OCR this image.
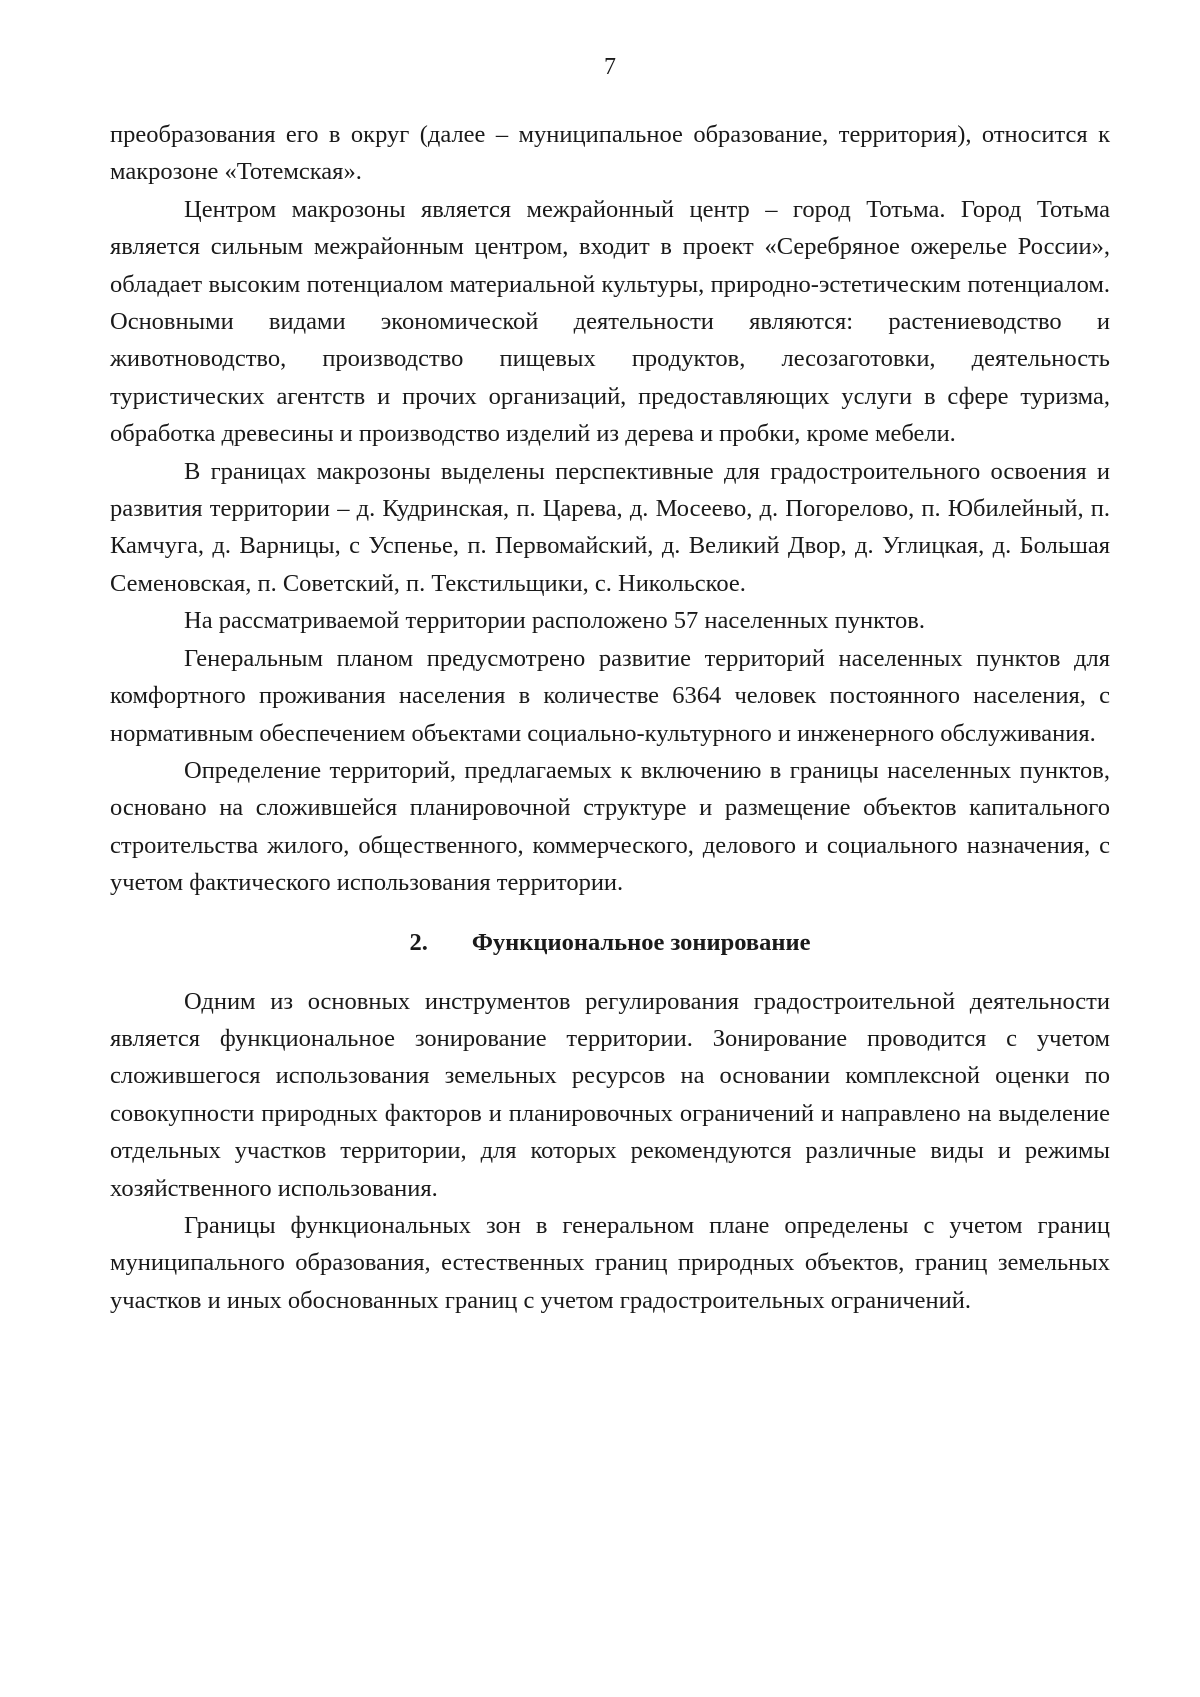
7

преобразования его в округ (далее – муниципальное образование, территория), относится к макрозоне «Тотемская».

Центром макрозоны является межрайонный центр – город Тотьма. Город Тотьма является сильным межрайонным центром, входит в проект «Серебряное ожерелье России», обладает высоким потенциалом материальной культуры, природно-эстетическим потенциалом. Основными видами экономической деятельности являются: растениеводство и животноводство, производство пищевых продуктов, лесозаготовки, деятельность туристических агентств и прочих организаций, предоставляющих услуги в сфере туризма, обработка древесины и производство изделий из дерева и пробки, кроме мебели.

В границах макрозоны выделены перспективные для градостроительного освоения и развития территории – д. Кудринская, п. Царева, д. Мосеево, д. Погорелово, п. Юбилейный, п. Камчуга, д. Варницы, с Успенье, п. Первомайский, д. Великий Двор, д. Углицкая, д. Большая Семеновская, п. Советский, п. Текстильщики, с. Никольское.

На рассматриваемой территории расположено 57 населенных пунктов.

Генеральным планом предусмотрено развитие территорий населенных пунктов для комфортного проживания населения в количестве 6364 человек постоянного населения, с нормативным обеспечением объектами социально-культурного и инженерного обслуживания.

Определение территорий, предлагаемых к включению в границы населенных пунктов, основано на сложившейся планировочной структуре и размещение объектов капитального строительства жилого, общественного, коммерческого, делового и социального назначения, с учетом фактического использования территории.

2. Функциональное зонирование

Одним из основных инструментов регулирования градостроительной деятельности является функциональное зонирование территории. Зонирование проводится с учетом сложившегося использования земельных ресурсов на основании комплексной оценки по совокупности природных факторов и планировочных ограничений и направлено на выделение отдельных участков территории, для которых рекомендуются различные виды и режимы хозяйственного использования.

Границы функциональных зон в генеральном плане определены с учетом границ муниципального образования, естественных границ природных объектов, границ земельных участков и иных обоснованных границ с учетом градостроительных ограничений.
